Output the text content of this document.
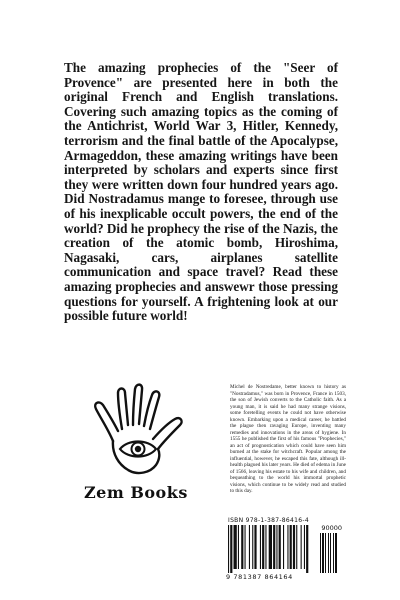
The amazing prophecies of the "Seer of Provence" are presented here in both the original French and English translations. Covering such amazing topics as the coming of the Antichrist, World War 3, Hitler, Kennedy, terrorism and the final battle of the Apocalypse, Armageddon, these amazing writings have been interpreted by scholars and experts since first they were written down four hundred years ago. Did Nostradamus mange to foresee, through use of his inexplicable occult powers, the end of the world? Did he prophecy the rise of the Nazis, the creation of the atomic bomb, Hiroshima, Nagasaki, cars, airplanes satellite communication and space travel? Read these amazing prophecies and answewr those pressing questions for yourself. A frightening look at our possible future world!

Zem Books

Michel de Nostredame, better known to history as "Nostradamus," was born in Provence, France in 1503, the son of Jewish converts to the Catholic faith. As a young man, it is said he had many strange visions, some foretelling events he could not have otherwise known. Embarking upon a medical career, he battled the plague then ravaging Europe, inventing many remedies and innovations in the areas of hygiene. In 1555 he published the first of his famous "Prophecies," an act of prognostication which could have seen him burned at the stake for witchcraft. Popular among the influential, however, he escaped this fate, although ill-health plagued his later years. He died of edema in June of 1566, leaving his estate to his wife and children, and bequeathing to the world his immortal prophetic visions, which continue to be widely read and studied to this day.

ISBN 978-1-387-86416-4
90000
9 781387 864164
